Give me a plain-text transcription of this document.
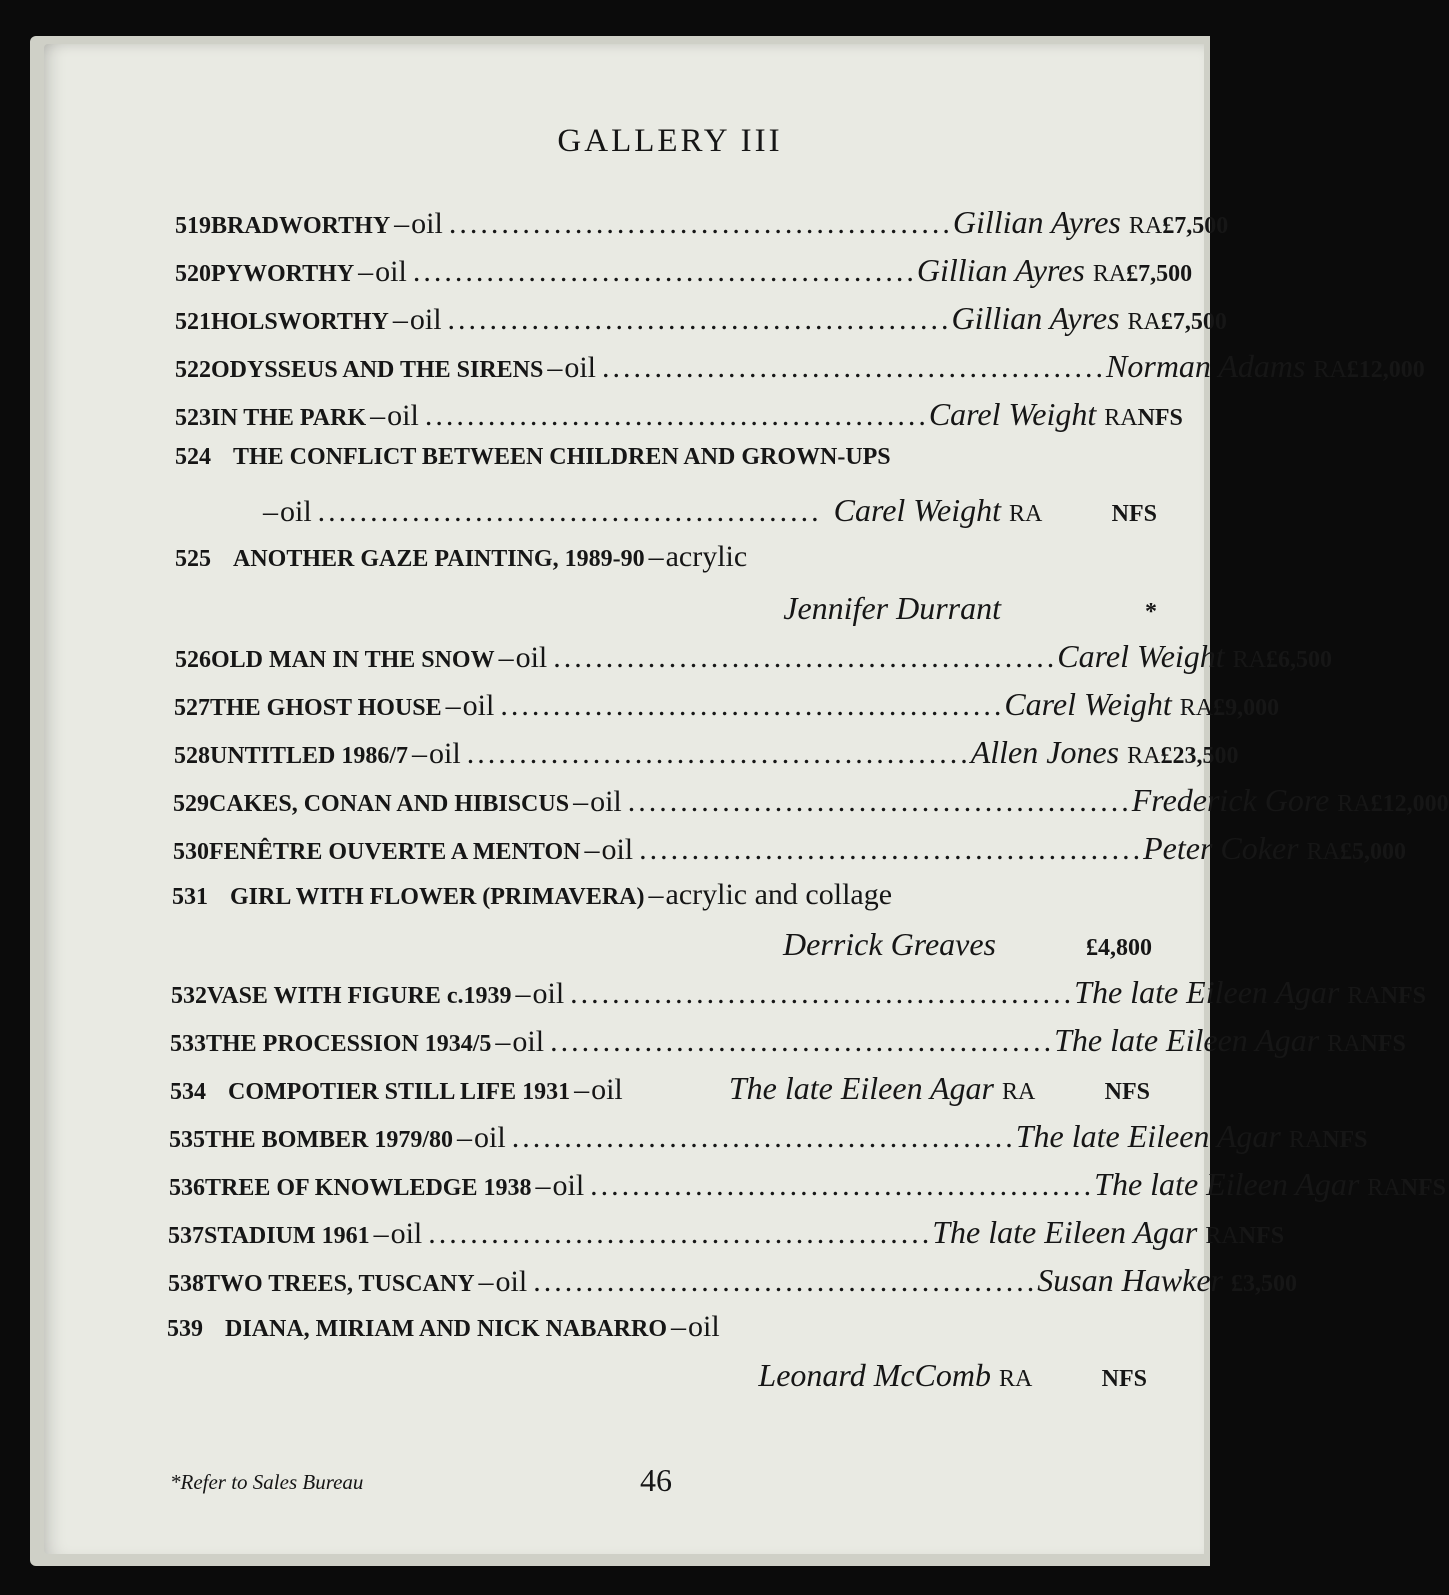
GALLERY III
519 BRADWORTHY – oil ................................................ Gillian Ayres RA £7,500
520 PYWORTHY – oil ................................................ Gillian Ayres RA £7,500
521 HOLSWORTHY – oil ................................................ Gillian Ayres RA £7,500
522 ODYSSEUS AND THE SIRENS – oil ................................................ Norman Adams RA £12,000
523 IN THE PARK – oil ................................................ Carel Weight RA NFS
524 THE CONFLICT BETWEEN CHILDREN AND GROWN-UPS
– oil ................................................ Carel Weight RA	NFS
525 ANOTHER GAZE PAINTING, 1989-90 – acrylic
Jennifer Durrant	*
526 OLD MAN IN THE SNOW – oil ................................................ Carel Weight RA £6,500
527 THE GHOST HOUSE – oil ................................................ Carel Weight RA £9,000
528 UNTITLED 1986/7 – oil ................................................ Allen Jones RA £23,500
529 CAKES, CONAN AND HIBISCUS – oil ................................................ Frederick Gore RA £12,000
530 FENÊTRE OUVERTE A MENTON – oil ................................................ Peter Coker RA £5,000
531 GIRL WITH FLOWER (PRIMAVERA) – acrylic and collage
Derrick Greaves	£4,800
532 VASE WITH FIGURE c.1939 – oil ................................................ The late Eileen Agar RA NFS
533 THE PROCESSION 1934/5 – oil ................................................ The late Eileen Agar RA NFS
534 COMPOTIER STILL LIFE 1931 – oil	The late Eileen Agar RA	NFS
535 THE BOMBER 1979/80 – oil ................................................ The late Eileen Agar RA NFS
536 TREE OF KNOWLEDGE 1938 – oil ................................................ The late Eileen Agar RA NFS
537 STADIUM 1961 – oil ................................................ The late Eileen Agar RA NFS
538 TWO TREES, TUSCANY – oil ................................................ Susan Hawker £3,500
539 DIANA, MIRIAM AND NICK NABARRO – oil
Leonard McComb RA	NFS
*Refer to Sales Bureau	46
